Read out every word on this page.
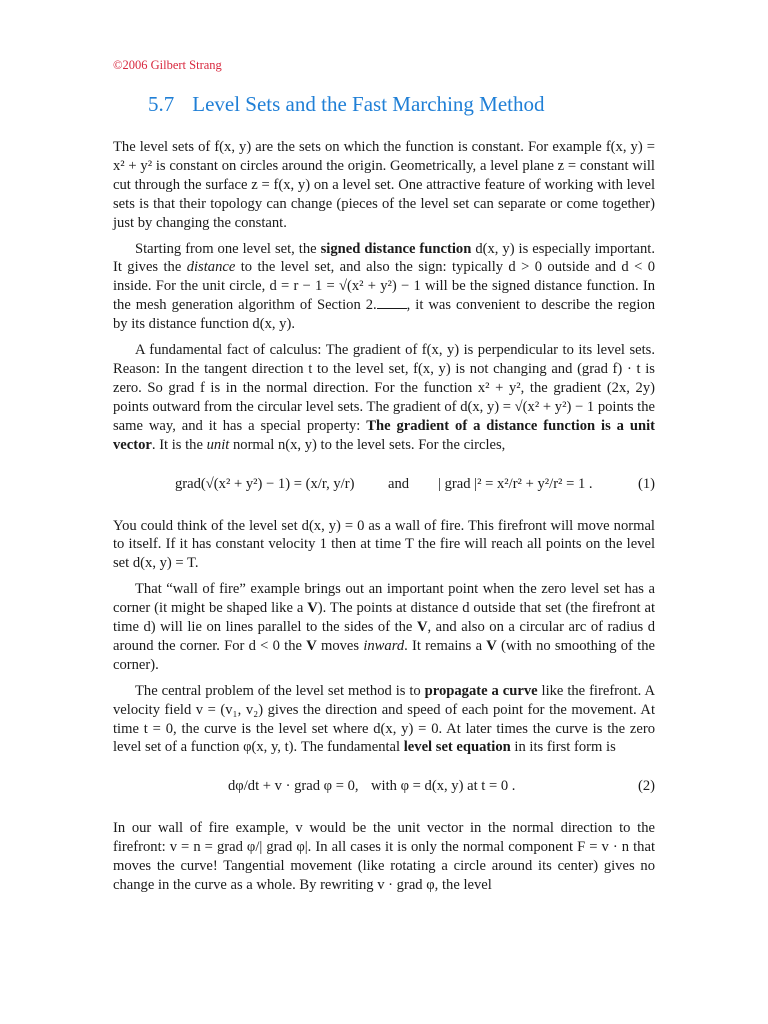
©2006 Gilbert Strang
5.7 Level Sets and the Fast Marching Method

The level sets of f(x, y) are the sets on which the function is constant. For example f(x, y) = x² + y² is constant on circles around the origin. Geometrically, a level plane z = constant will cut through the surface z = f(x, y) on a level set. One attractive feature of working with level sets is that their topology can change (pieces of the level set can separate or come together) just by changing the constant.

Starting from one level set, the signed distance function d(x, y) is especially important. It gives the distance to the level set, and also the sign: typically d > 0 outside and d < 0 inside. For the unit circle, d = r − 1 = √(x² + y²) − 1 will be the signed distance function. In the mesh generation algorithm of Section 2. , it was convenient to describe the region by its distance function d(x, y).

A fundamental fact of calculus: The gradient of f(x, y) is perpendicular to its level sets. Reason: In the tangent direction t to the level set, f(x, y) is not changing and (grad f) · t is zero. So grad f is in the normal direction. For the function x² + y², the gradient (2x, 2y) points outward from the circular level sets. The gradient of d(x, y) = √(x² + y²) − 1 points the same way, and it has a special property: The gradient of a distance function is a unit vector. It is the unit normal n(x, y) to the level sets. For the circles,

grad(√(x² + y²) − 1) = (x/r, y/r) and | grad |² = x²/r² + y²/r² = 1 .	(1)

You could think of the level set d(x, y) = 0 as a wall of fire. This firefront will move normal to itself. If it has constant velocity 1 then at time T the fire will reach all points on the level set d(x, y) = T.

That “wall of fire” example brings out an important point when the zero level set has a corner (it might be shaped like a V). The points at distance d outside that set (the firefront at time d) will lie on lines parallel to the sides of the V, and also on a circular arc of radius d around the corner. For d < 0 the V moves inward. It remains a V (with no smoothing of the corner).

The central problem of the level set method is to propagate a curve like the firefront. A velocity field v = (v₁, v₂) gives the direction and speed of each point for the movement. At time t = 0, the curve is the level set where d(x, y) = 0. At later times the curve is the zero level set of a function φ(x, y, t). The fundamental level set equation in its first form is

dφ/dt + v · grad φ = 0, with φ = d(x, y) at t = 0 .	(2)

In our wall of fire example, v would be the unit vector in the normal direction to the firefront: v = n = grad φ/| grad φ|. In all cases it is only the normal component F = v · n that moves the curve! Tangential movement (like rotating a circle around its center) gives no change in the curve as a whole. By rewriting v · grad φ, the level
